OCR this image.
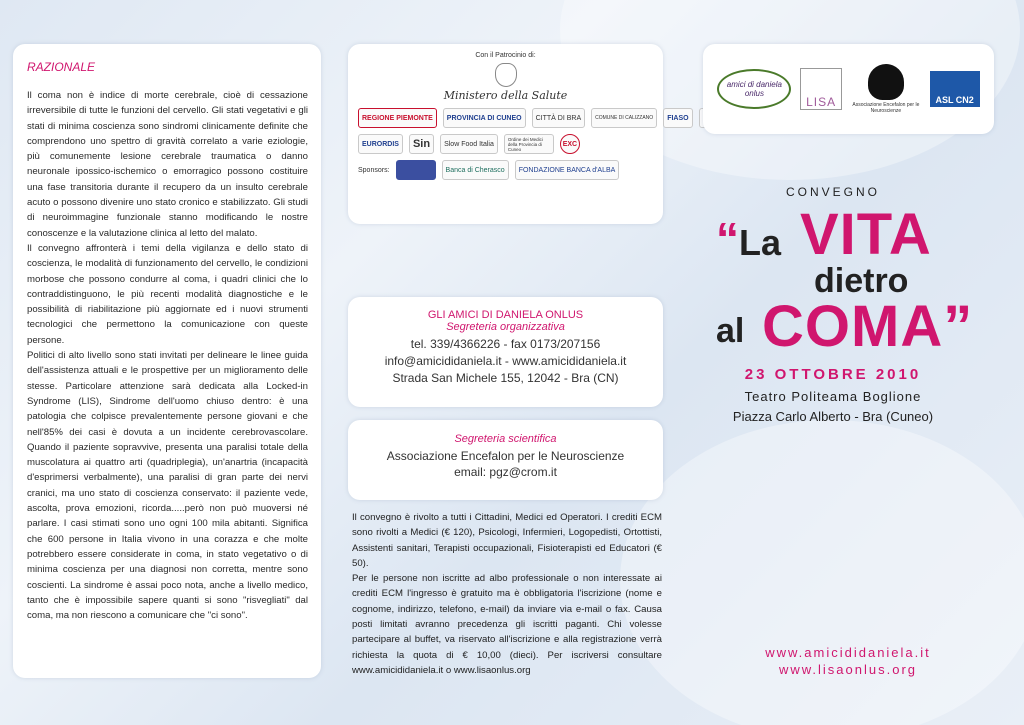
RAZIONALE

Il coma non è indice di morte cerebrale, cioè di cessazione irreversibile di tutte le funzioni del cervello. Gli stati vegetativi e gli stati di minima coscienza sono sindromi clinicamente definite che comprendono uno spettro di gravità correlato a varie eziologie, più comunemente lesione cerebrale traumatica o danno neuronale ipossico-ischemico o emorragico possono costituire una fase transitoria durante il recupero da un insulto cerebrale acuto o possono divenire uno stato cronico e stabilizzato. Gli studi di neuroimmagine funzionale stanno modificando le nostre conoscenze e la valutazione clinica al letto del malato.

Il convegno affronterà i temi della vigilanza e dello stato di coscienza, le modalità di funzionamento del cervello, le condizioni morbose che possono condurre al coma, i quadri clinici che lo contraddistinguono, le più recenti modalità diagnostiche e le possibilità di riabilitazione più aggiornate ed i nuovi strumenti tecnologici che permettono la comunicazione con queste persone.

Politici di alto livello sono stati invitati per delineare le linee guida dell'assistenza attuali e le prospettive per un miglioramento delle stesse. Particolare attenzione sarà dedicata alla Locked-in Syndrome (LIS), Sindrome dell'uomo chiuso dentro: è una patologia che colpisce prevalentemente persone giovani e che nell'85% dei casi è dovuta a un incidente cerebrovascolare. Quando il paziente sopravvive, presenta una paralisi totale della muscolatura ai quattro arti (quadriplegia), un'anartria (incapacità d'esprimersi verbalmente), una paralisi di gran parte dei nervi cranici, ma uno stato di coscienza conservato: il paziente vede, ascolta, prova emozioni, ricorda.....però non può muoversi né parlare. I casi stimati sono uno ogni 100 mila abitanti. Significa che 600 persone in Italia vivono in una corazza e che molte potrebbero essere considerate in coma, in stato vegetativo o di minima coscienza per una diagnosi non corretta, mentre sono coscienti. La sindrome è assai poco nota, anche a livello medico, tanto che è impossibile sapere quanti si sono "risvegliati" dal coma, ma non riescono a comunicare che "ci sono".

Con il Patrocinio di:
Ministero della Salute
REGIONE PIEMONTE	PROVINCIA DI CUNEO	CITTÀ DI BRA	COMUNE DI CALIZZANO	FIASO
EURORDIS	Sin	Slow Food Italia
Ordine dei Medici della Provincia di Cuneo
EXC
Sponsors:	Banca di Cherasco	FONDAZIONE BANCA d'ALBA
GLI AMICI DI DANIELA ONLUS
Segreteria organizzativa
tel. 339/4366226 - fax 0173/207156
info@amicididaniela.it - www.amicididaniela.it
Strada San Michele 155, 12042 - Bra (CN)
Segreteria scientifica
Associazione Encefalon per le Neuroscienze
email: pgz@crom.it

Il convegno è rivolto a tutti i Cittadini, Medici ed Operatori. I crediti ECM sono rivolti a Medici (€ 120), Psicologi, Infermieri, Logopedisti, Ortottisti, Assistenti sanitari, Terapisti occupazionali, Fisioterapisti ed Educatori (€ 50).

Per le persone non iscritte ad albo professionale o non interessate ai crediti ECM l'ingresso è gratuito ma è obbligatoria l'iscrizione (nome e cognome, indirizzo, telefono, e-mail) da inviare via e-mail o fax. Causa posti limitati avranno precedenza gli iscritti paganti. Chi volesse partecipare al buffet, va riservato all'iscrizione e alla registrazione verrà richiesta la quota di € 10,00 (dieci). Per iscriversi consultare www.amicididaniela.it o www.lisaonlus.org

amici di daniela onlus
LISA	Associazione Encefalon per le Neuroscienze
ASL CN2
CONVEGNO
“La VITA
dietro
al COMA”
23 OTTOBRE 2010
Teatro Politeama Boglione
Piazza Carlo Alberto - Bra (Cuneo)
www.amicididaniela.it
www.lisaonlus.org
